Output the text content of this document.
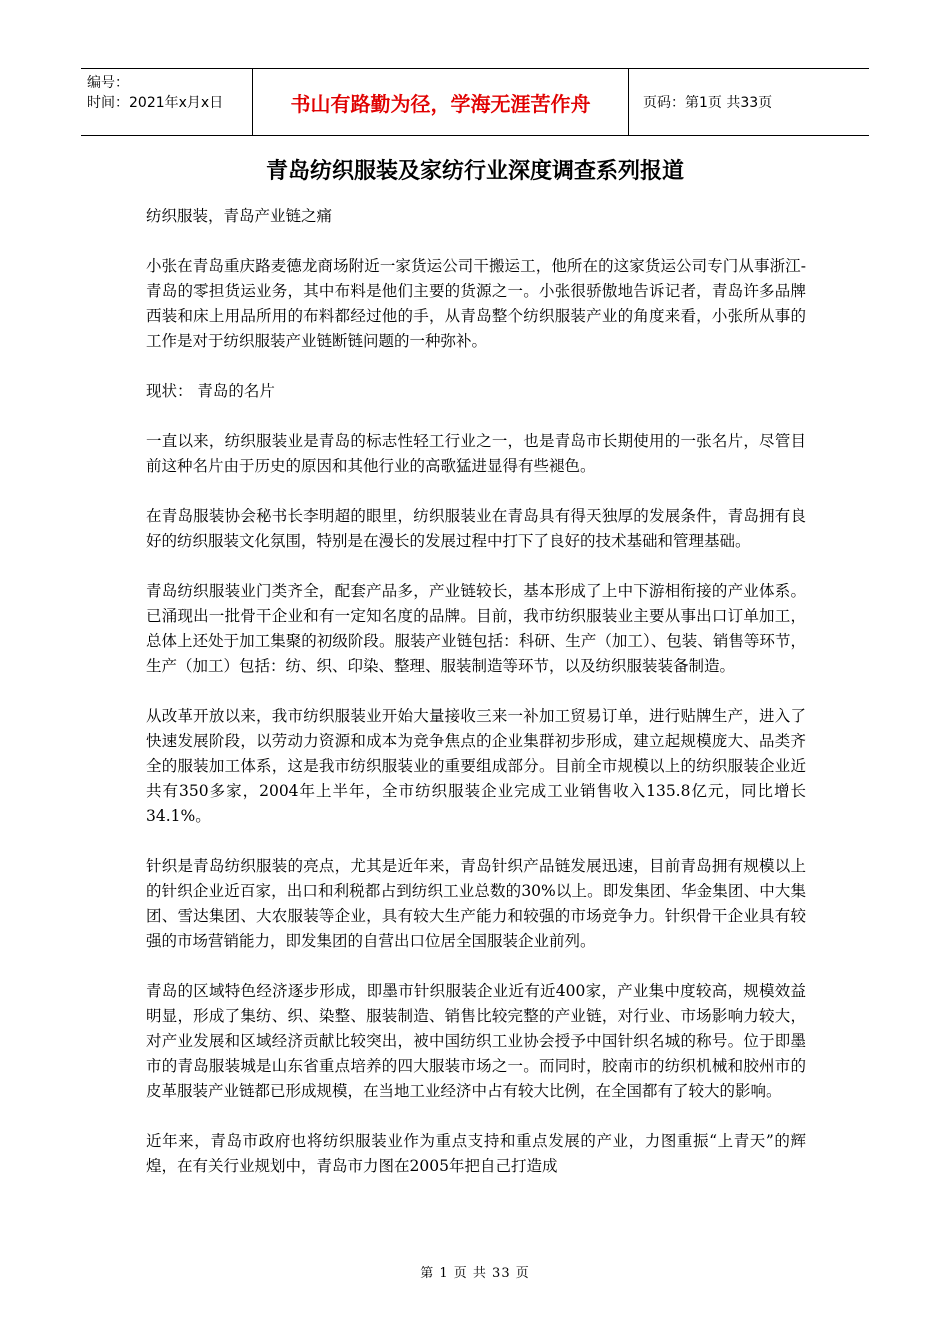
编号：
时间：2021年x月x日	书山有路勤为径，学海无涯苦作舟	页码：第1页 共33页
青岛纺织服装及家纺行业深度调查系列报道

纺织服装，青岛产业链之痛

小张在青岛重庆路麦德龙商场附近一家货运公司干搬运工，他所在的这家货运公司专门从事浙江-青岛的零担货运业务，其中布料是他们主要的货源之一。小张很骄傲地告诉记者，青岛许多品牌西装和床上用品所用的布料都经过他的手，从青岛整个纺织服装产业的角度来看，小张所从事的工作是对于纺织服装产业链断链问题的一种弥补。

现状： 青岛的名片

一直以来，纺织服装业是青岛的标志性轻工行业之一，也是青岛市长期使用的一张名片，尽管目前这种名片由于历史的原因和其他行业的高歌猛进显得有些褪色。

在青岛服装协会秘书长李明超的眼里，纺织服装业在青岛具有得天独厚的发展条件，青岛拥有良好的纺织服装文化氛围，特别是在漫长的发展过程中打下了良好的技术基础和管理基础。

青岛纺织服装业门类齐全，配套产品多，产业链较长，基本形成了上中下游相衔接的产业体系。已涌现出一批骨干企业和有一定知名度的品牌。目前，我市纺织服装业主要从事出口订单加工，总体上还处于加工集聚的初级阶段。服装产业链包括：科研、生产（加工）、包装、销售等环节，生产（加工）包括：纺、织、印染、整理、服装制造等环节，以及纺织服装装备制造。

从改革开放以来，我市纺织服装业开始大量接收三来一补加工贸易订单，进行贴牌生产，进入了快速发展阶段，以劳动力资源和成本为竞争焦点的企业集群初步形成，建立起规模庞大、品类齐全的服装加工体系，这是我市纺织服装业的重要组成部分。目前全市规模以上的纺织服装企业近共有350多家，2004年上半年，全市纺织服装企业完成工业销售收入135.8亿元，同比增长34.1%。

针织是青岛纺织服装的亮点，尤其是近年来，青岛针织产品链发展迅速，目前青岛拥有规模以上的针织企业近百家，出口和利税都占到纺织工业总数的30%以上。即发集团、华金集团、中大集团、雪达集团、大农服装等企业，具有较大生产能力和较强的市场竞争力。针织骨干企业具有较强的市场营销能力，即发集团的自营出口位居全国服装企业前列。

青岛的区域特色经济逐步形成，即墨市针织服装企业近有近400家，产业集中度较高，规模效益明显，形成了集纺、织、染整、服装制造、销售比较完整的产业链，对行业、市场影响力较大，对产业发展和区域经济贡献比较突出，被中国纺织工业协会授予中国针织名城的称号。位于即墨市的青岛服装城是山东省重点培养的四大服装市场之一。而同时，胶南市的纺织机械和胶州市的皮革服装产业链都已形成规模，在当地工业经济中占有较大比例，在全国都有了较大的影响。

近年来，青岛市政府也将纺织服装业作为重点支持和重点发展的产业，力图重振“上青天”的辉煌，在有关行业规划中，青岛市力图在2005年把自己打造成

第 1 页 共 33 页
